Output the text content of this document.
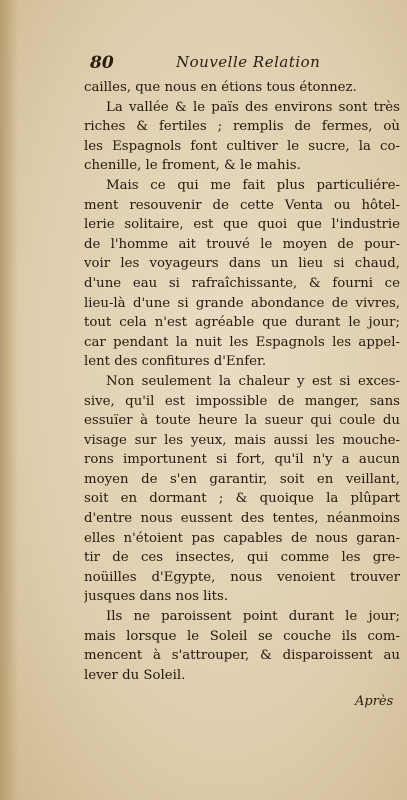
80	Nouvelle Relation
cailles, que nous en étions tous étonnez.
La vallée & le païs des environs sont très
riches & fertiles ; remplis de fermes, où
les Espagnols font cultiver le sucre, la co-
chenille, le froment, & le mahis.
Mais ce qui me fait plus particuliére-
ment resouvenir de cette Venta ou hôtel-
lerie solitaire, est que quoi que l'industrie
de l'homme ait trouvé le moyen de pour-
voir les voyageurs dans un lieu si chaud,
d'une eau si rafraîchissante, & fourni ce
lieu-là d'une si grande abondance de vivres,
tout cela n'est agréable que durant le jour;
car pendant la nuit les Espagnols les appel-
lent des confitures d'Enfer.
Non seulement la chaleur y est si exces-
sive, qu'il est impossible de manger, sans
essuïer à toute heure la sueur qui coule du
visage sur les yeux, mais aussi les mouche-
rons importunent si fort, qu'il n'y a aucun
moyen de s'en garantir, soit en veillant,
soit en dormant ; & quoique la plûpart
d'entre nous eussent des tentes, néanmoins
elles n'étoient pas capables de nous garan-
tir de ces insectes, qui comme les gre-
noüilles d'Egypte, nous venoient trouver
jusques dans nos lits.
Ils ne paroissent point durant le jour;
mais lorsque le Soleil se couche ils com-
mencent à s'attrouper, & disparoissent au
lever du Soleil.
Après
